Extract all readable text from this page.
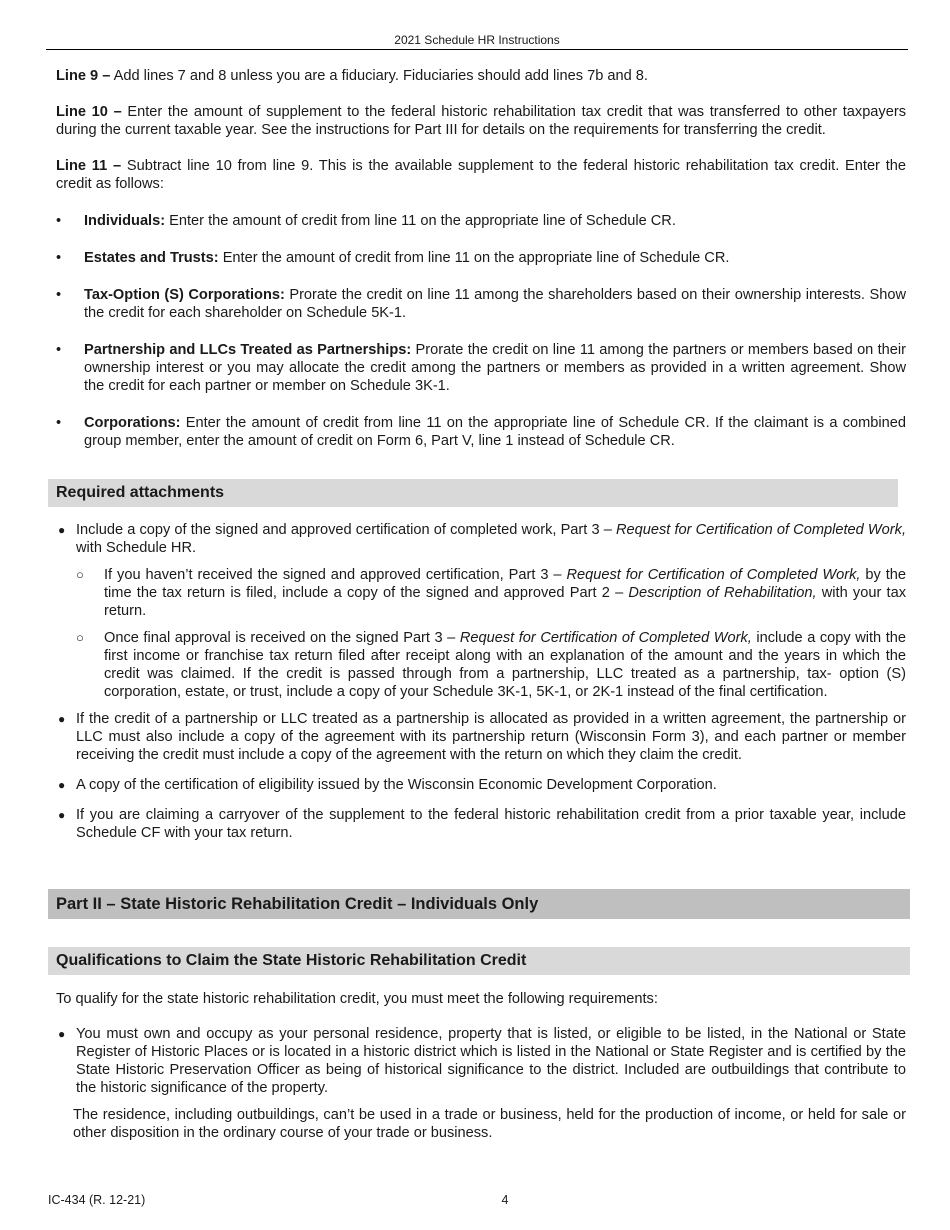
2021 Schedule HR Instructions

Line 9 – Add lines 7 and 8 unless you are a fiduciary. Fiduciaries should add lines 7b and 8.

Line 10 – Enter the amount of supplement to the federal historic rehabilitation tax credit that was transferred to other taxpayers during the current taxable year. See the instructions for Part III for details on the requirements for transferring the credit.

Line 11 – Subtract line 10 from line 9. This is the available supplement to the federal historic rehabilitation tax credit. Enter the credit as follows:

• Individuals: Enter the amount of credit from line 11 on the appropriate line of Schedule CR.
• Estates and Trusts: Enter the amount of credit from line 11 on the appropriate line of Schedule CR.
• Tax-Option (S) Corporations: Prorate the credit on line 11 among the shareholders based on their ownership interests. Show the credit for each shareholder on Schedule 5K-1.
• Partnership and LLCs Treated as Partnerships: Prorate the credit on line 11 among the partners or members based on their ownership interest or you may allocate the credit among the partners or members as provided in a written agreement. Show the credit for each partner or member on Schedule 3K-1.
• Corporations: Enter the amount of credit from line 11 on the appropriate line of Schedule CR. If the claimant is a combined group member, enter the amount of credit on Form 6, Part V, line 1 instead of Schedule CR.
Required attachments
● Include a copy of the signed and approved certification of completed work, Part 3 – Request for Certification of Completed Work, with Schedule HR.
○ If you haven’t received the signed and approved certification, Part 3 – Request for Certification of Completed Work, by the time the tax return is filed, include a copy of the signed and approved Part 2 – Description of Rehabilitation, with your tax return.
○ Once final approval is received on the signed Part 3 – Request for Certification of Completed Work, include a copy with the first income or franchise tax return filed after receipt along with an explanation of the amount and the years in which the credit was claimed. If the credit is passed through from a partnership, LLC treated as a partnership, tax- option (S) corporation, estate, or trust, include a copy of your Schedule 3K-1, 5K-1, or 2K-1 instead of the final certification.
● If the credit of a partnership or LLC treated as a partnership is allocated as provided in a written agreement, the partnership or LLC must also include a copy of the agreement with its partnership return (Wisconsin Form 3), and each partner or member receiving the credit must include a copy of the agreement with the return on which they claim the credit.
● A copy of the certification of eligibility issued by the Wisconsin Economic Development Corporation.
● If you are claiming a carryover of the supplement to the federal historic rehabilitation credit from a prior taxable year, include Schedule CF with your tax return.
Part II – State Historic Rehabilitation Credit – Individuals Only
Qualifications to Claim the State Historic Rehabilitation Credit

To qualify for the state historic rehabilitation credit, you must meet the following requirements:

● You must own and occupy as your personal residence, property that is listed, or eligible to be listed, in the National or State Register of Historic Places or is located in a historic district which is listed in the National or State Register and is certified by the State Historic Preservation Officer as being of historical significance to the district. Included are outbuildings that contribute to the historic significance of the property.

The residence, including outbuildings, can’t be used in a trade or business, held for the production of income, or held for sale or other disposition in the ordinary course of your trade or business.

IC-434 (R. 12-21)	4
